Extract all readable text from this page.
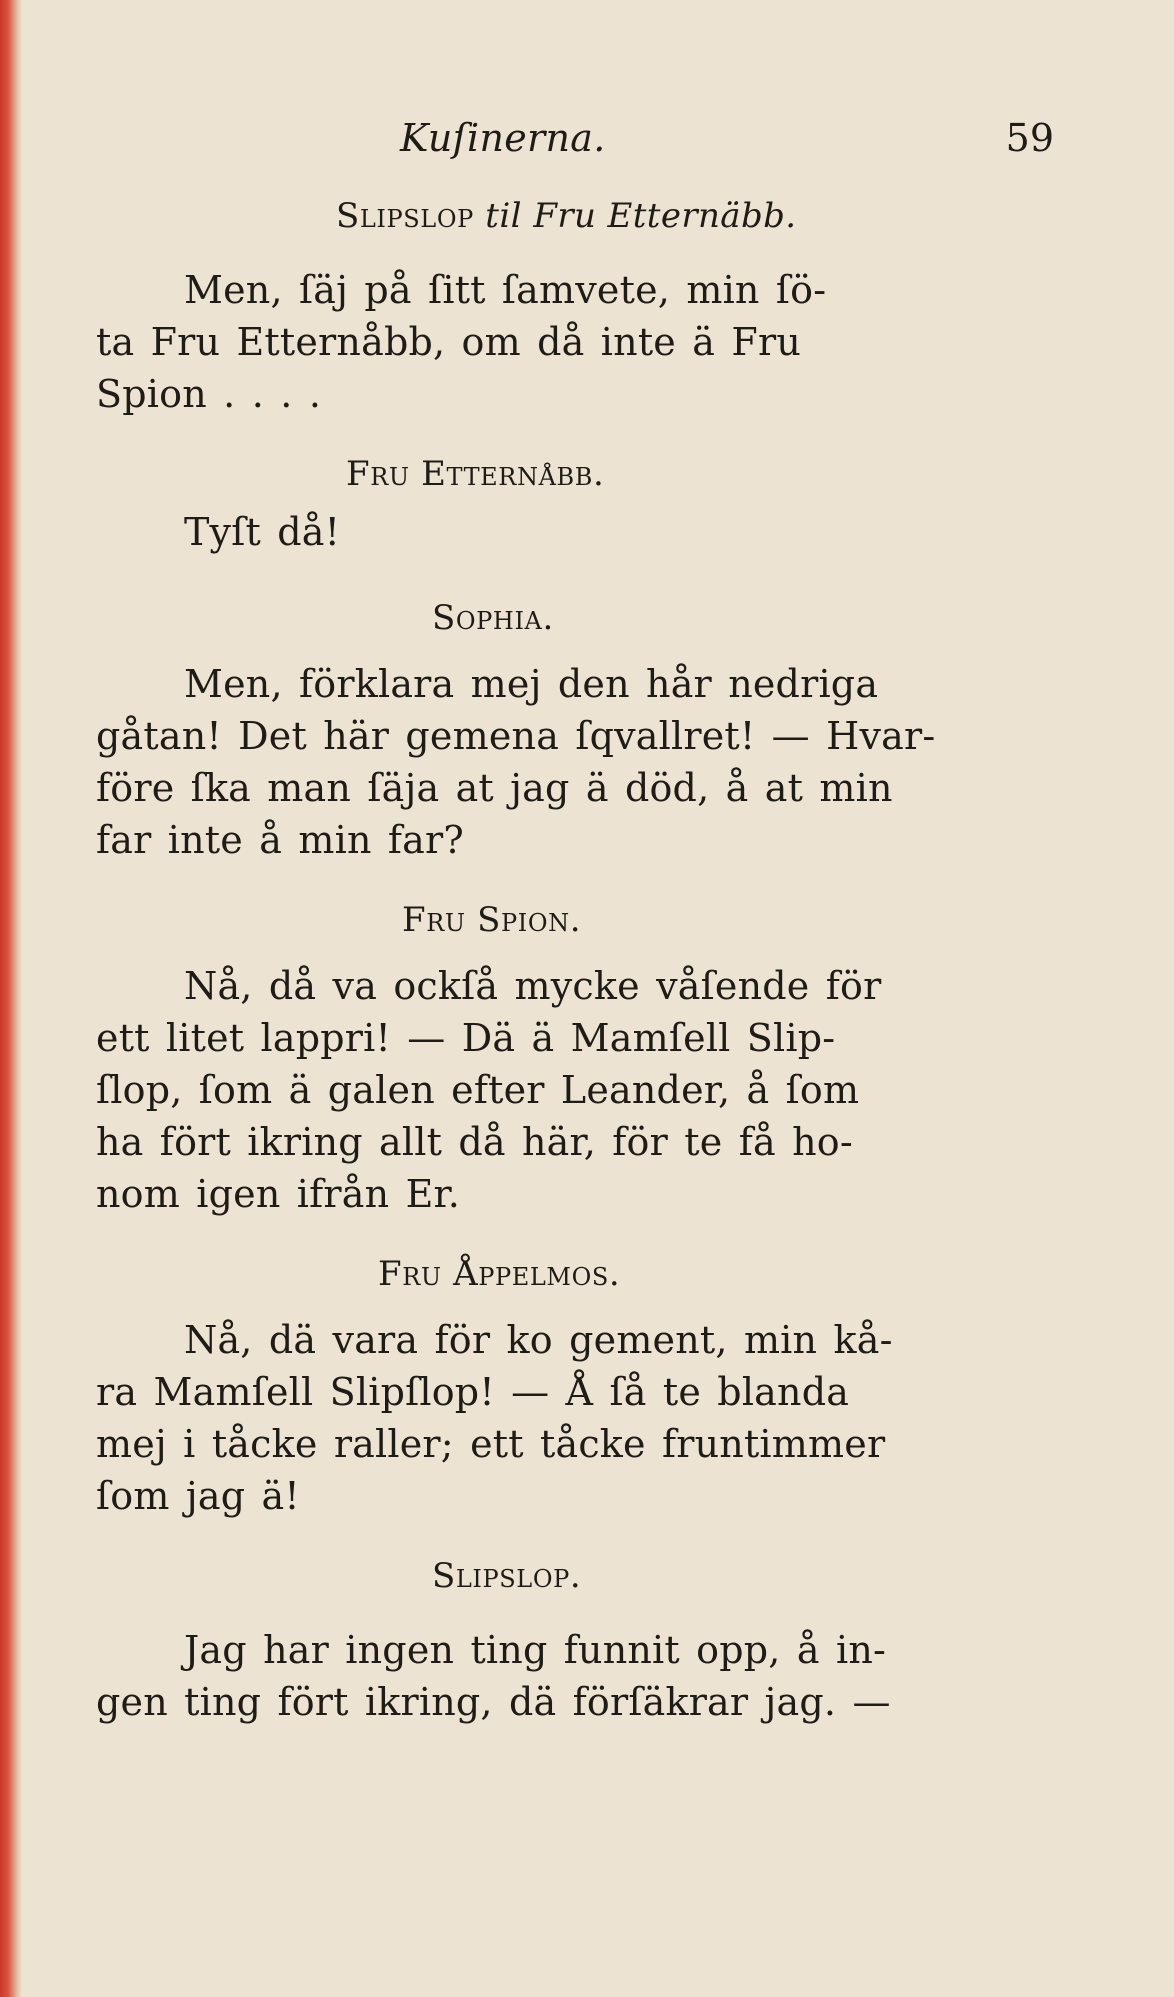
Kuſinerna.	59

Slipslop til Fru Etternäbb.

Men, ſäj på ſitt ſamvete, min ſö-
ta Fru Etternåbb, om då inte ä Fru
Spion . . . .

Fru Etternåbb.

Tyſt då!

Sophia.

Men, förklara mej den hår nedriga
gåtan! Det här gemena ſqvallret! — Hvar-
före ſka man ſäja at jag ä död, å at min
far inte å min far?

Fru Spion.

Nå, då va ockſå mycke våſende för
ett litet lappri! — Dä ä Mamſell Slip-
ſlop, ſom ä galen efter Leander, å ſom
ha fört ikring allt då här, för te få ho-
nom igen ifrån Er.

Fru Åppelmos.

Nå, dä vara för ko gement, min kå-
ra Mamſell Slipſlop! — Å ſå te blanda
mej i tåcke raller; ett tåcke fruntimmer
ſom jag ä!

Slipslop.

Jag har ingen ting funnit opp, å in-
gen ting fört ikring, dä förſäkrar jag. —
